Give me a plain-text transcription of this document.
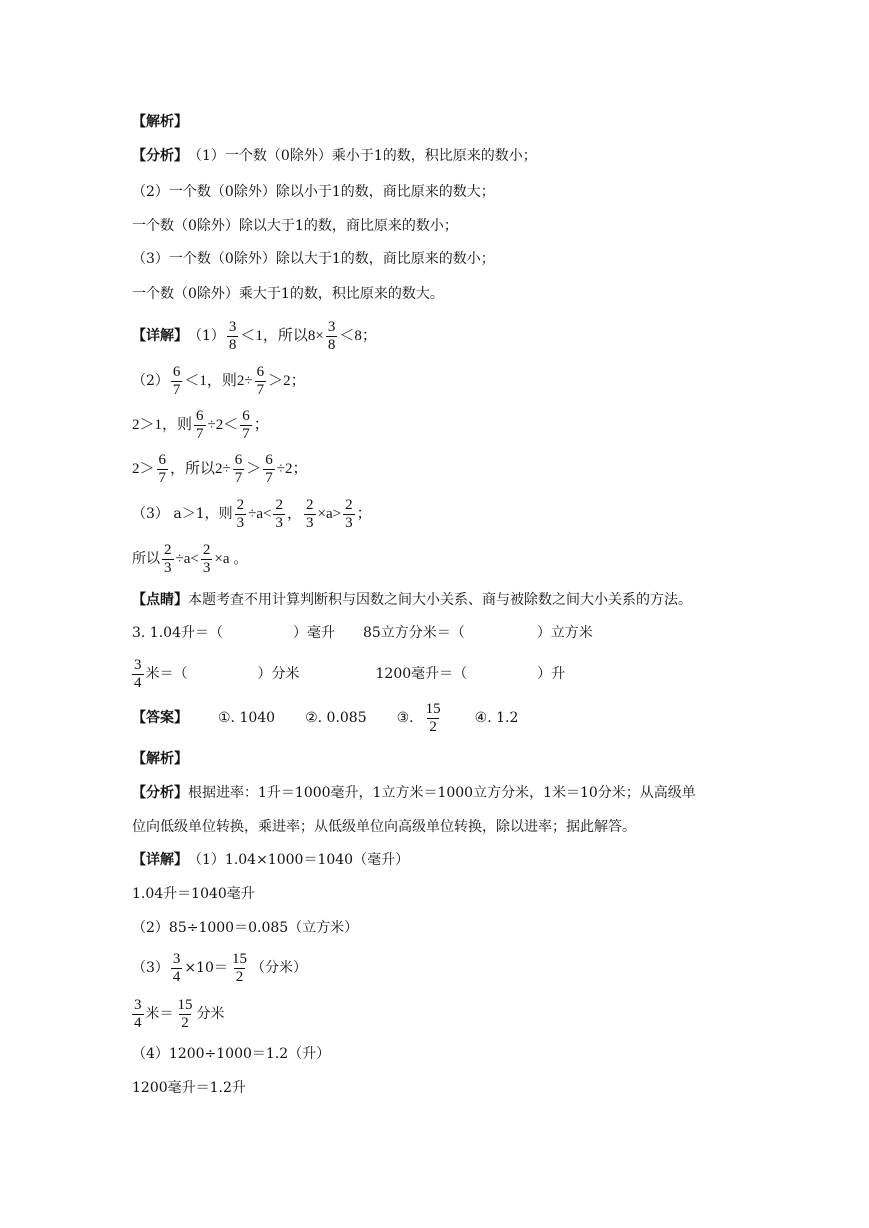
【解析】
【分析】 （1）一个数（0除外）乘小于1的数，积比原来的数小；
（2）一个数（0除外）除以小于1的数，商比原来的数大；
一个数（0除外）除以大于1的数，商比原来的数小；
（3）一个数（0除外）除以大于1的数，商比原来的数小；
一个数（0除外）乘大于1的数，积比原来的数大。
【详解】 $(1) \frac{3}{8} <1$，所以$8\times \frac{3}{8} <8$；
$(2) \frac{6}{7} <1$，则$2\div \frac{6}{7} >2$；
2＞1，则 $\frac{6}{7} \div 2< \frac{6}{7}$ ；
$2> \frac{6}{7}$ ，所以$2\div \frac{6}{7} > \frac{6}{7} \div 2$；
（3） a＞1，则 $\frac{2}{3} \div a< \frac{2}{3}$ ， $\frac{2}{3} \times a> \frac{2}{3}$ ；
所以 $\frac{2}{3} \div a< \frac{2}{3} \times a$ 。
【点睛】 本题考查不用计算判断积与因数之间大小关系、商与被除数之间大小关系的方法。
3. 1.04升＝（	）毫升 85立方分米＝（	）立方米
$\frac{3}{4}$ 米＝（	）分米	1200毫升＝（	）升
【答案】 ①. 1040 ②. 0.085 ③. $\frac{15}{2}$ ④. 1.2
【解析】
【分析】 根据进率：1升＝1000毫升，1立方米＝1000立方分米，1米＝10分米；从高级单
位向低级单位转换，乘进率；从低级单位向高级单位转换，除以进率；据此解答。
【详解】 （1）1.04×1000＝1040（毫升）
1.04升＝1040毫升
（2）85÷1000＝0.085（立方米）
$(3) \frac{3}{4} \times 10= \frac{15}{2}$ （分米）
$\frac{3}{4}$ 米＝ $\frac{15}{2}$ 分米
（4）1200÷1000＝1.2（升）
1200毫升＝1.2升
